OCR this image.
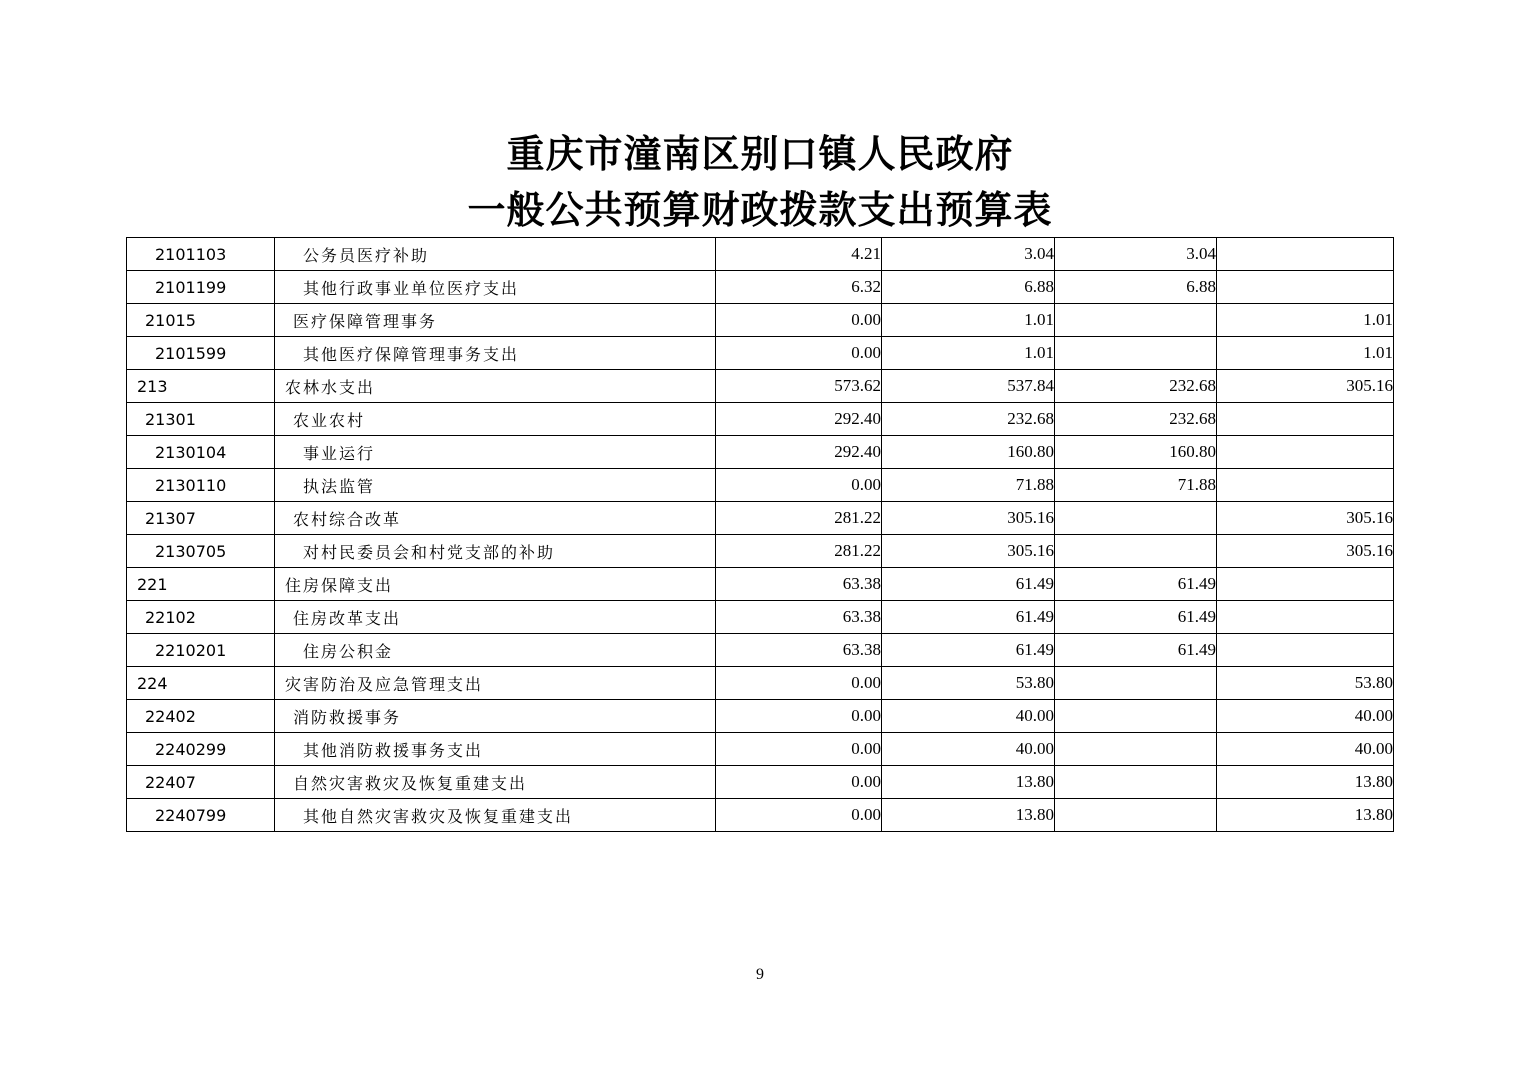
重庆市潼南区别口镇人民政府
一般公共预算财政拨款支出预算表
2101103	公务员医疗补助	4.21	3.04	3.04	
2101199	其他行政事业单位医疗支出	6.32	6.88	6.88	
21015	医疗保障管理事务	0.00	1.01		1.01
2101599	其他医疗保障管理事务支出	0.00	1.01		1.01
213	农林水支出	573.62	537.84	232.68	305.16
21301	农业农村	292.40	232.68	232.68	
2130104	事业运行	292.40	160.80	160.80	
2130110	执法监管	0.00	71.88	71.88	
21307	农村综合改革	281.22	305.16		305.16
2130705	对村民委员会和村党支部的补助	281.22	305.16		305.16
221	住房保障支出	63.38	61.49	61.49	
22102	住房改革支出	63.38	61.49	61.49	
2210201	住房公积金	63.38	61.49	61.49	
224	灾害防治及应急管理支出	0.00	53.80		53.80
22402	消防救援事务	0.00	40.00		40.00
2240299	其他消防救援事务支出	0.00	40.00		40.00
22407	自然灾害救灾及恢复重建支出	0.00	13.80		13.80
2240799	其他自然灾害救灾及恢复重建支出	0.00	13.80		13.80
9
